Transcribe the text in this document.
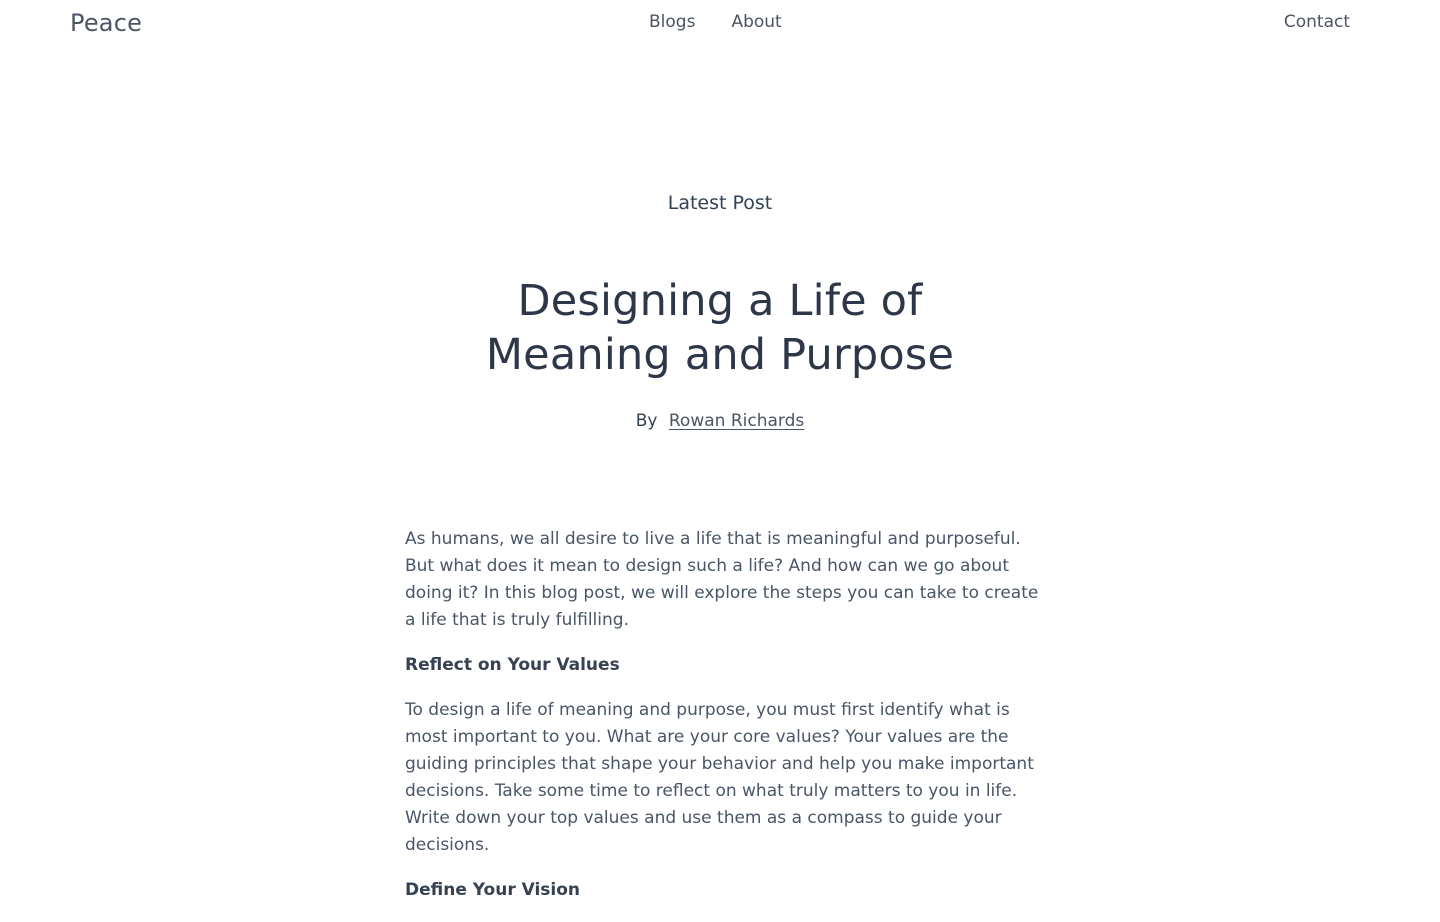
Peace	Blogs About	Contact
Latest Post
Designing a Life of Meaning and Purpose
By Rowan Richards

As humans, we all desire to live a life that is meaningful and purposeful. But what does it mean to design such a life? And how can we go about doing it? In this blog post, we will explore the steps you can take to create a life that is truly fulfilling.

Reflect on Your Values

To design a life of meaning and purpose, you must first identify what is most important to you. What are your core values? Your values are the guiding principles that shape your behavior and help you make important decisions. Take some time to reflect on what truly matters to you in life. Write down your top values and use them as a compass to guide your decisions.

Define Your Vision
